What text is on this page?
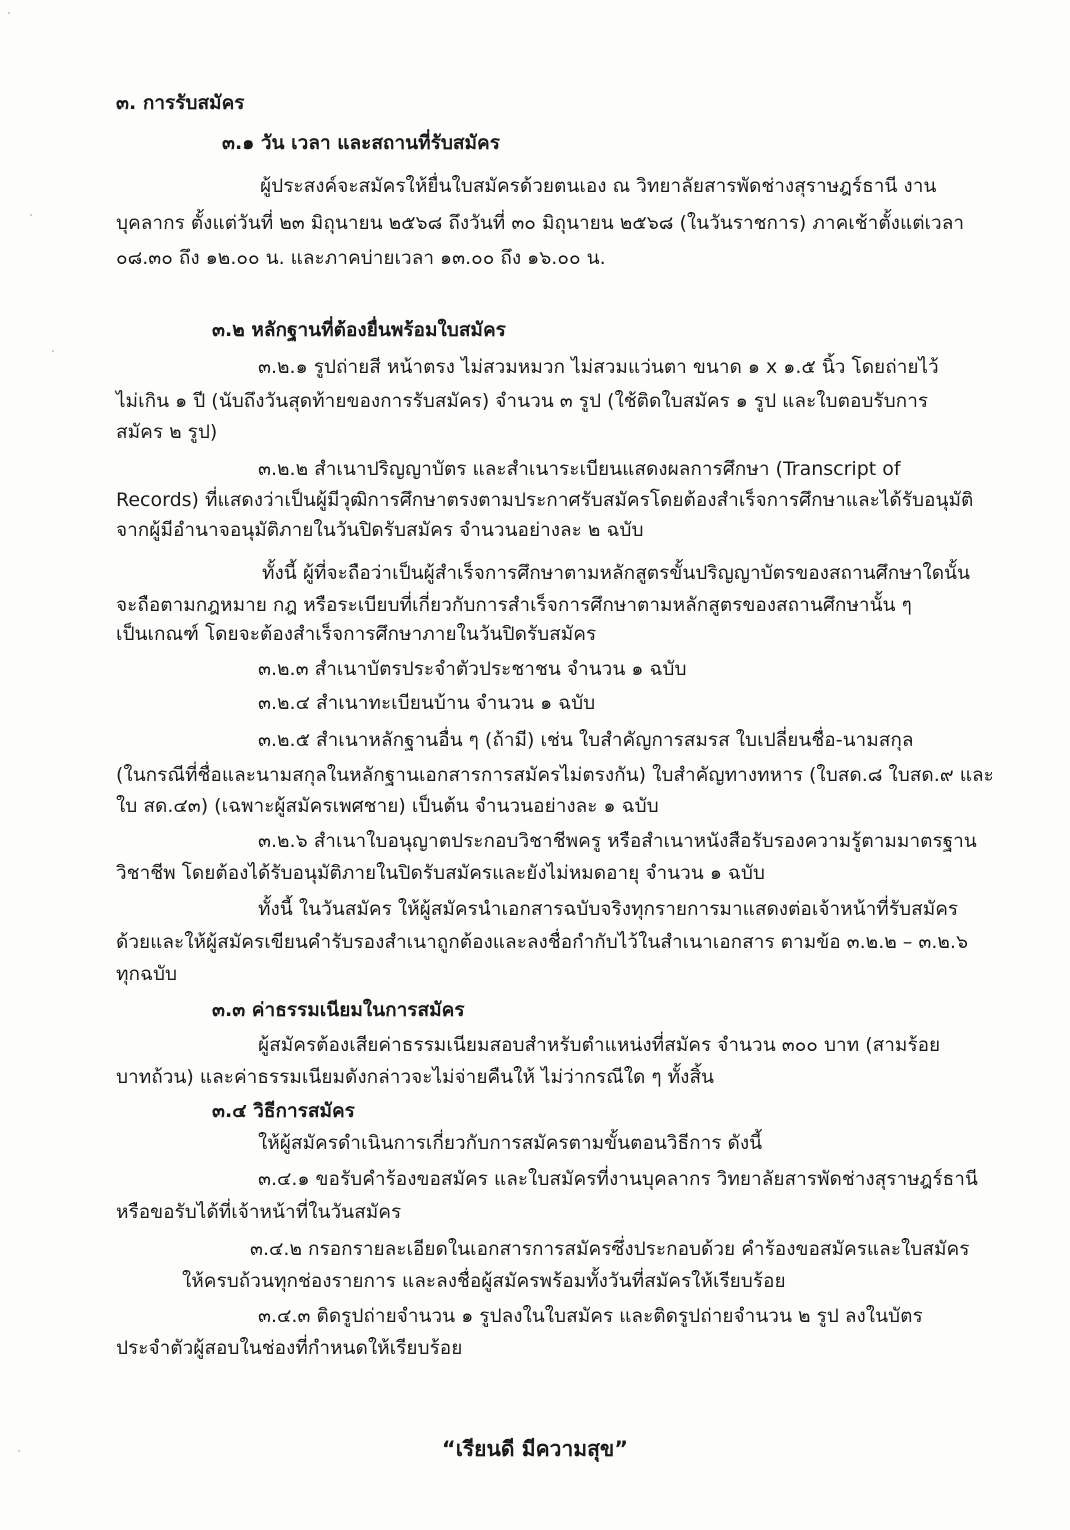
๓. การรับสมัคร
๓.๑ วัน เวลา และสถานที่รับสมัคร
ผู้ประสงค์จะสมัครให้ยื่นใบสมัครด้วยตนเอง ณ วิทยาลัยสารพัดช่างสุราษฎร์ธานี งาน
บุคลากร ตั้งแต่วันที่ ๒๓ มิถุนายน ๒๕๖๘ ถึงวันที่ ๓๐ มิถุนายน ๒๕๖๘ (ในวันราชการ) ภาคเช้าตั้งแต่เวลา
๐๘.๓๐ ถึง ๑๒.๐๐ น. และภาคบ่ายเวลา ๑๓.๐๐ ถึง ๑๖.๐๐ น.
๓.๒ หลักฐานที่ต้องยื่นพร้อมใบสมัคร
๓.๒.๑ รูปถ่ายสี หน้าตรง ไม่สวมหมวก ไม่สวมแว่นตา ขนาด ๑ x ๑.๕ นิ้ว โดยถ่ายไว้
ไม่เกิน ๑ ปี (นับถึงวันสุดท้ายของการรับสมัคร) จำนวน ๓ รูป (ใช้ติดใบสมัคร ๑ รูป และใบตอบรับการ
สมัคร ๒ รูป)
๓.๒.๒ สำเนาปริญญาบัตร และสำเนาระเบียนแสดงผลการศึกษา (Transcript of
Records) ที่แสดงว่าเป็นผู้มีวุฒิการศึกษาตรงตามประกาศรับสมัครโดยต้องสำเร็จการศึกษาและได้รับอนุมัติ
จากผู้มีอำนาจอนุมัติภายในวันปิดรับสมัคร จำนวนอย่างละ ๒ ฉบับ
ทั้งนี้ ผู้ที่จะถือว่าเป็นผู้สำเร็จการศึกษาตามหลักสูตรขั้นปริญญาบัตรของสถานศึกษาใดนั้น
จะถือตามกฎหมาย กฎ หรือระเบียบที่เกี่ยวกับการสำเร็จการศึกษาตามหลักสูตรของสถานศึกษานั้น ๆ
เป็นเกณฑ์ โดยจะต้องสำเร็จการศึกษาภายในวันปิดรับสมัคร
๓.๒.๓ สำเนาบัตรประจำตัวประชาชน จำนวน ๑ ฉบับ
๓.๒.๔ สำเนาทะเบียนบ้าน จำนวน ๑ ฉบับ
๓.๒.๕ สำเนาหลักฐานอื่น ๆ (ถ้ามี) เช่น ใบสำคัญการสมรส ใบเปลี่ยนชื่อ-นามสกุล
(ในกรณีที่ชื่อและนามสกุลในหลักฐานเอกสารการสมัครไม่ตรงกัน) ใบสำคัญทางทหาร (ใบสด.๘ ใบสด.๙ และ
ใบ สด.๔๓) (เฉพาะผู้สมัครเพศชาย) เป็นต้น จำนวนอย่างละ ๑ ฉบับ
๓.๒.๖ สำเนาใบอนุญาตประกอบวิชาชีพครู หรือสำเนาหนังสือรับรองความรู้ตามมาตรฐาน
วิชาชีพ โดยต้องได้รับอนุมัติภายในปิดรับสมัครและยังไม่หมดอายุ จำนวน ๑ ฉบับ
ทั้งนี้ ในวันสมัคร ให้ผู้สมัครนำเอกสารฉบับจริงทุกรายการมาแสดงต่อเจ้าหน้าที่รับสมัคร
ด้วยและให้ผู้สมัครเขียนคำรับรองสำเนาถูกต้องและลงชื่อกำกับไว้ในสำเนาเอกสาร ตามข้อ ๓.๒.๒ – ๓.๒.๖
ทุกฉบับ
๓.๓ ค่าธรรมเนียมในการสมัคร
ผู้สมัครต้องเสียค่าธรรมเนียมสอบสำหรับตำแหน่งที่สมัคร จำนวน ๓๐๐ บาท (สามร้อย
บาทถ้วน) และค่าธรรมเนียมดังกล่าวจะไม่จ่ายคืนให้ ไม่ว่ากรณีใด ๆ ทั้งสิ้น
๓.๔ วิธีการสมัคร
ให้ผู้สมัครดำเนินการเกี่ยวกับการสมัครตามขั้นตอนวิธีการ ดังนี้
๓.๔.๑ ขอรับคำร้องขอสมัคร และใบสมัครที่งานบุคลากร วิทยาลัยสารพัดช่างสุราษฎร์ธานี
หรือขอรับได้ที่เจ้าหน้าที่ในวันสมัคร
๓.๔.๒ กรอกรายละเอียดในเอกสารการสมัครซึ่งประกอบด้วย คำร้องขอสมัครและใบสมัคร
ให้ครบถ้วนทุกช่องรายการ และลงชื่อผู้สมัครพร้อมทั้งวันที่สมัครให้เรียบร้อย
๓.๔.๓ ติดรูปถ่ายจำนวน ๑ รูปลงในใบสมัคร และติดรูปถ่ายจำนวน ๒ รูป ลงในบัตร
ประจำตัวผู้สอบในช่องที่กำหนดให้เรียบร้อย
“เรียนดี มีความสุข”
